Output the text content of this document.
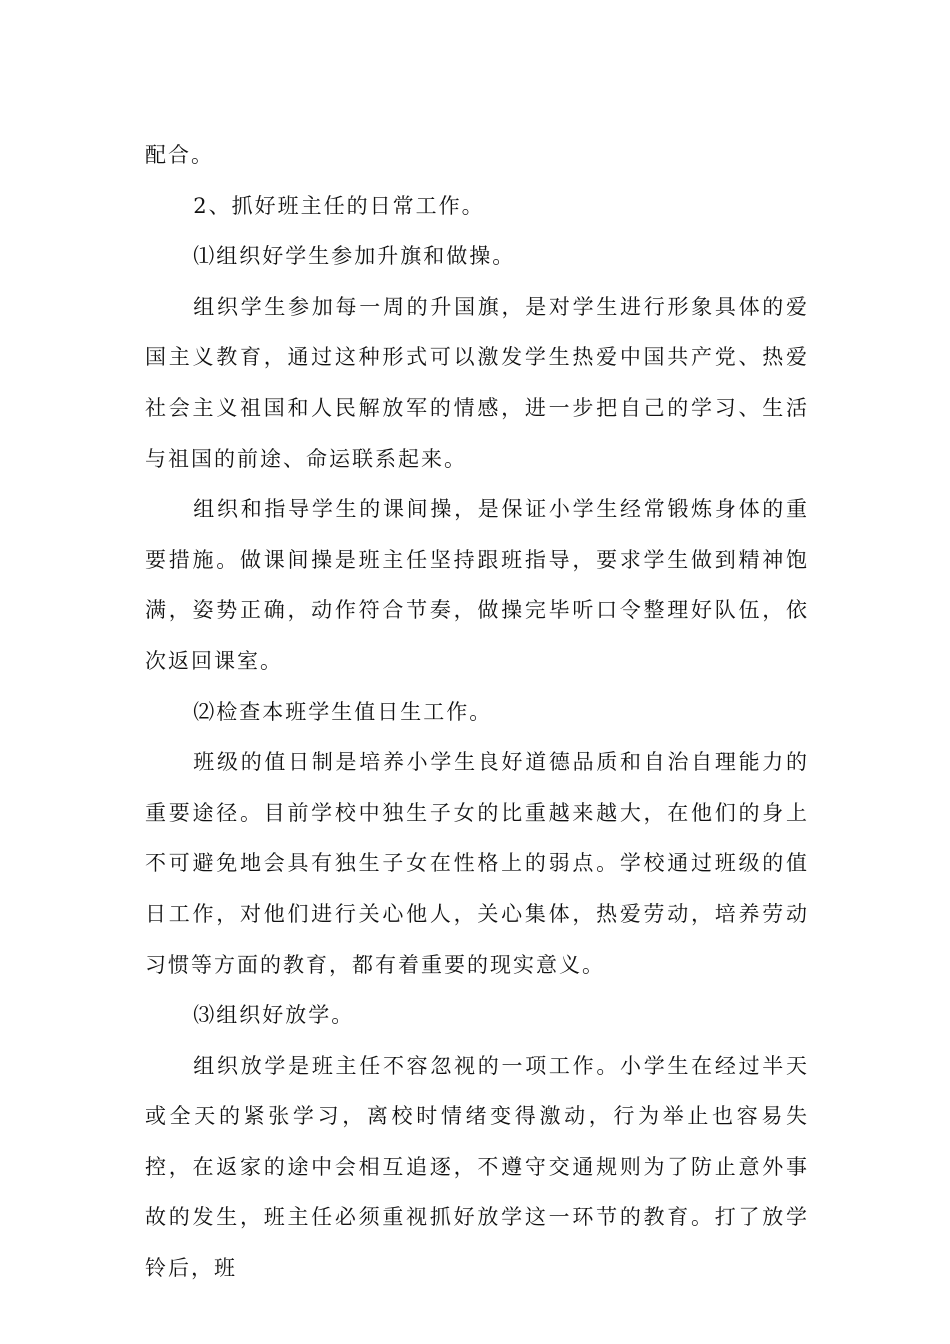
配合。

2、抓好班主任的日常工作。

⑴组织好学生参加升旗和做操。

组织学生参加每一周的升国旗，是对学生进行形象具体的爱国主义教育，通过这种形式可以激发学生热爱中国共产党、热爱社会主义祖国和人民解放军的情感，进一步把自己的学习、生活与祖国的前途、命运联系起来。

组织和指导学生的课间操，是保证小学生经常锻炼身体的重要措施。做课间操是班主任坚持跟班指导，要求学生做到精神饱满，姿势正确，动作符合节奏，做操完毕听口令整理好队伍，依次返回课室。

⑵检查本班学生值日生工作。

班级的值日制是培养小学生良好道德品质和自治自理能力的重要途径。目前学校中独生子女的比重越来越大，在他们的身上不可避免地会具有独生子女在性格上的弱点。学校通过班级的值日工作，对他们进行关心他人，关心集体，热爱劳动，培养劳动习惯等方面的教育，都有着重要的现实意义。

⑶组织好放学。

组织放学是班主任不容忽视的一项工作。小学生在经过半天或全天的紧张学习，离校时情绪变得激动，行为举止也容易失控，在返家的途中会相互追逐，不遵守交通规则为了防止意外事故的发生，班主任必须重视抓好放学这一环节的教育。打了放学铃后，班
